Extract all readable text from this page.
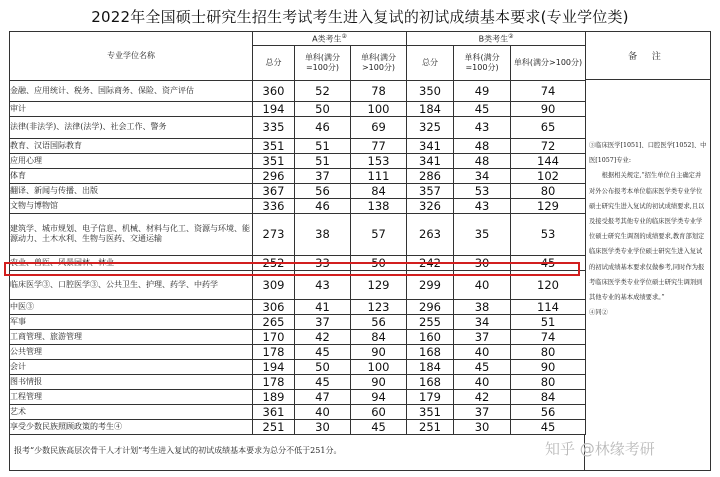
2022年全国硕士研究生招生考试考生进入复试的初试成绩基本要求(专业学位类)
专业学位名称	A类考生②			B类考生②
	总分	单科(满分=100分)	单科(满分>100分)	总分	单科(满分=100分)	单科(满分>100分)
金融、应用统计、税务、国际商务、保险、资产评估	360	52	78	350	49	74
审计	194	50	100	184	45	90
法律(非法学)、法律(法学)、社会工作、警务	335	46	69	325	43	65
教育、汉语国际教育	351	51	77	341	48	72
应用心理	351	51	153	341	48	144
体育	296	37	111	286	34	102
翻译、新闻与传播、出版	367	56	84	357	53	80
文物与博物馆	336	46	138	326	43	129
建筑学、城市规划、电子信息、机械、材料与化工、资源与环境、能源动力、土木水利、生物与医药、交通运输	273	38	57	263	35	53
农业、兽医、风景园林、林业	252	33	50	242	30	45
临床医学③、口腔医学③、公共卫生、护理、药学、中药学	309	43	129	299	40	120
中医③	306	41	123	296	38	114
军事	265	37	56	255	34	51
工商管理、旅游管理	170	42	84	160	37	74
公共管理	178	45	90	168	40	80
会计	194	50	100	184	45	90
图书情报	178	45	90	168	40	80
工程管理	189	47	94	179	42	84
艺术	361	40	60	351	37	56
享受少数民族照顾政策的考生④	251	30	45	251	30	45
备 注

③临床医学[1051]、口腔医学[1052]、中医[1057]专业:

根据相关规定,“招生单位自主确定并对外公布报考本单位临床医学类专业学位硕士研究生进入复试的初试成绩要求,且以及接受报考其他专业的临床医学类专业学位硕士研究生调剂的成绩要求,教育部划定临床医学类专业学位硕士研究生进入复试的初试成绩基本要求仅做参考,同时作为报考临床医学类专业学位硕士研究生调剂到其他专业的基本成绩要求。”

④同②

报考“少数民族高层次骨干人才计划”考生进入复试的初试成绩基本要求为总分不低于251分。	知乎 @林缘考研
